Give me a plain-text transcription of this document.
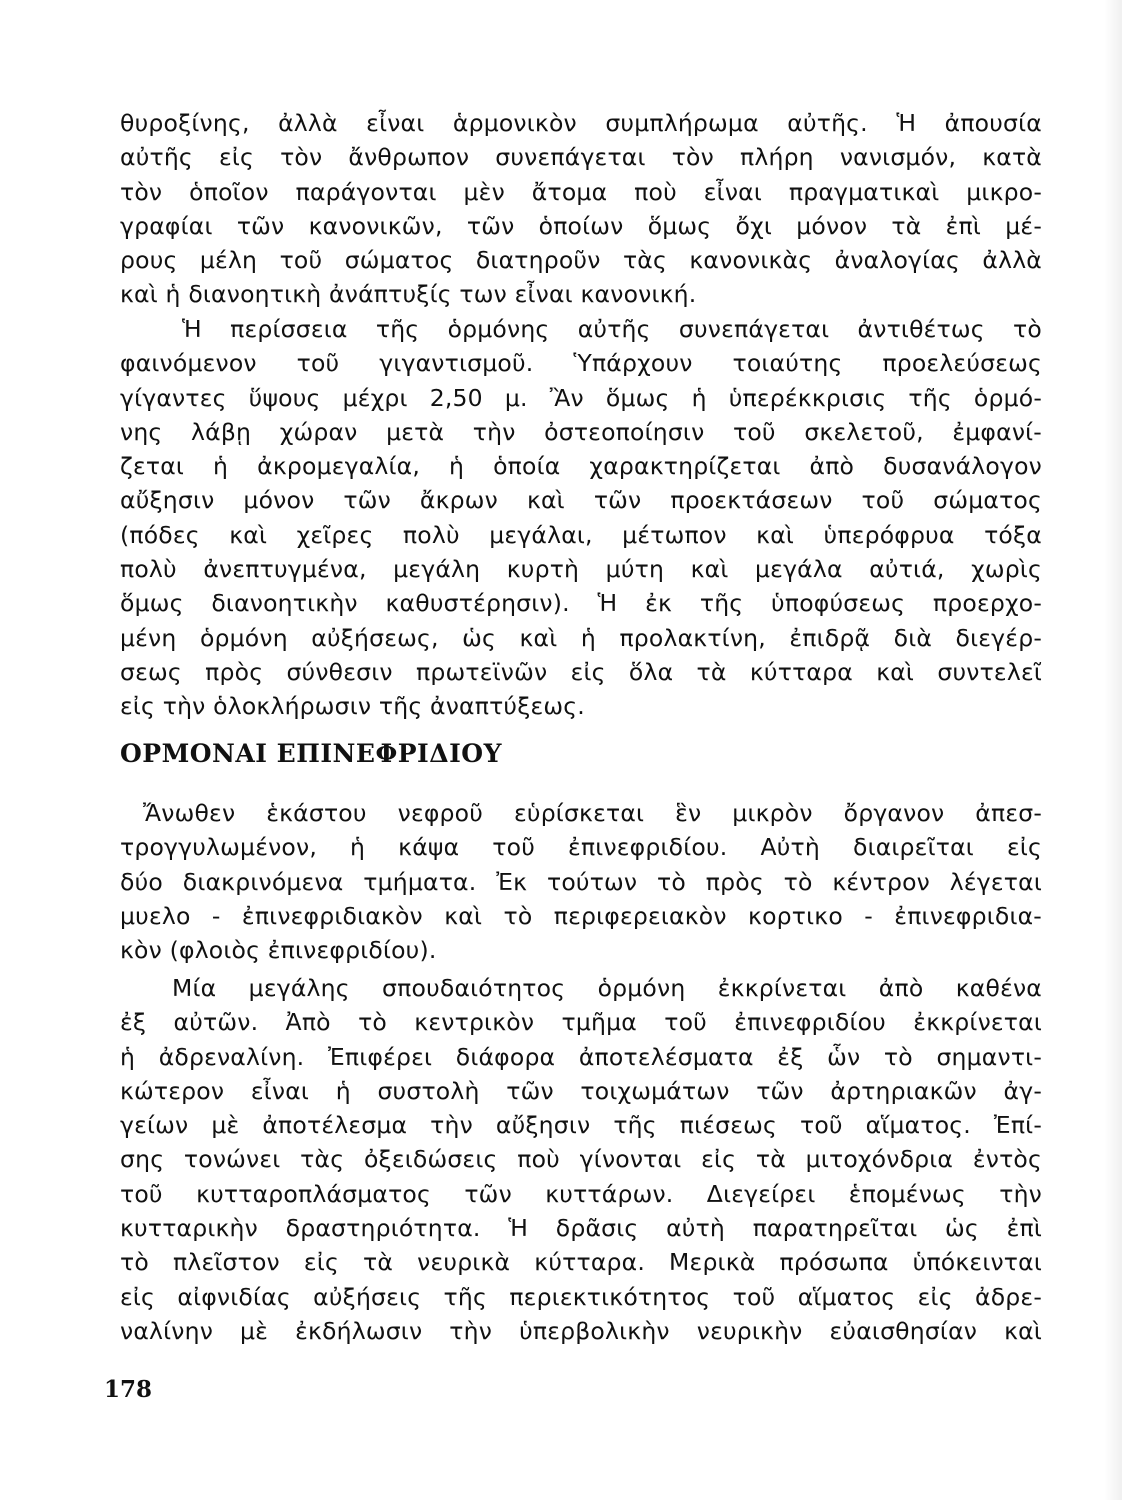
θυροξίνης, ἀλλὰ εἶναι ἁρμονικὸν συμπλήρωμα αὐτῆς. Ἡ ἀπουσία
αὐτῆς εἰς τὸν ἄνθρωπον συνεπάγεται τὸν πλήρη νανισμόν, κατὰ
τὸν ὁποῖον παράγονται μὲν ἄτομα ποὺ εἶναι πραγματικαὶ μικρο-
γραφίαι τῶν κανονικῶν, τῶν ὁποίων ὅμως ὄχι μόνον τὰ ἐπὶ μέ-
ρους μέλη τοῦ σώματος διατηροῦν τὰς κανονικὰς ἀναλογίας ἀλλὰ
καὶ ἡ διανοητικὴ ἀνάπτυξίς των εἶναι κανονική.
Ἡ περίσσεια τῆς ὁρμόνης αὐτῆς συνεπάγεται ἀντιθέτως τὸ
φαινόμενον τοῦ γιγαντισμοῦ. Ὑπάρχουν τοιαύτης προελεύσεως
γίγαντες ὕψους μέχρι 2,50 μ. Ἂν ὅμως ἡ ὑπερέκκρισις τῆς ὁρμό-
νης λάβῃ χώραν μετὰ τὴν ὀστεοποίησιν τοῦ σκελετοῦ, ἐμφανί-
ζεται ἡ ἀκρομεγαλία, ἡ ὁποία χαρακτηρίζεται ἀπὸ δυσανάλογον
αὔξησιν μόνον τῶν ἄκρων καὶ τῶν προεκτάσεων τοῦ σώματος
(πόδες καὶ χεῖρες πολὺ μεγάλαι, μέτωπον καὶ ὑπερόφρυα τόξα
πολὺ ἀνεπτυγμένα, μεγάλη κυρτὴ μύτη καὶ μεγάλα αὐτιά, χωρὶς
ὅμως διανοητικὴν καθυστέρησιν). Ἡ ἐκ τῆς ὑποφύσεως προερχο-
μένη ὁρμόνη αὐξήσεως, ὡς καὶ ἡ προλακτίνη, ἐπιδρᾷ διὰ διεγέρ-
σεως πρὸς σύνθεσιν πρωτεϊνῶν εἰς ὅλα τὰ κύτταρα καὶ συντελεῖ
εἰς τὴν ὁλοκλήρωσιν τῆς ἀναπτύξεως.
ΟΡΜΟΝΑΙ ΕΠΙΝΕΦΡΙΔΙΟΥ
Ἄνωθεν ἑκάστου νεφροῦ εὑρίσκεται ἓν μικρὸν ὄργανον ἀπεσ-
τρογγυλωμένον, ἡ κάψα τοῦ ἐπινεφριδίου. Αὐτὴ διαιρεῖται εἰς
δύο διακρινόμενα τμήματα. Ἐκ τούτων τὸ πρὸς τὸ κέντρον λέγεται
μυελο - ἐπινεφριδιακὸν καὶ τὸ περιφερειακὸν κορτικο - ἐπινεφριδια-
κὸν (φλοιὸς ἐπινεφριδίου).
Μία μεγάλης σπουδαιότητος ὁρμόνη ἐκκρίνεται ἀπὸ καθένα
ἐξ αὐτῶν. Ἀπὸ τὸ κεντρικὸν τμῆμα τοῦ ἐπινεφριδίου ἐκκρίνεται
ἡ ἀδρεναλίνη. Ἐπιφέρει διάφορα ἀποτελέσματα ἐξ ὧν τὸ σημαντι-
κώτερον εἶναι ἡ συστολὴ τῶν τοιχωμάτων τῶν ἀρτηριακῶν ἀγ-
γείων μὲ ἀποτέλεσμα τὴν αὔξησιν τῆς πιέσεως τοῦ αἵματος. Ἐπί-
σης τονώνει τὰς ὀξειδώσεις ποὺ γίνονται εἰς τὰ μιτοχόνδρια ἐντὸς
τοῦ κυτταροπλάσματος τῶν κυττάρων. Διεγείρει ἑπομένως τὴν
κυτταρικὴν δραστηριότητα. Ἡ δρᾶσις αὐτὴ παρατηρεῖται ὡς ἐπὶ
τὸ πλεῖστον εἰς τὰ νευρικὰ κύτταρα. Μερικὰ πρόσωπα ὑπόκεινται
εἰς αἰφνιδίας αὐξήσεις τῆς περιεκτικότητος τοῦ αἵματος εἰς ἀδρε-
ναλίνην μὲ ἐκδήλωσιν τὴν ὑπερβολικὴν νευρικὴν εὐαισθησίαν καὶ
178
